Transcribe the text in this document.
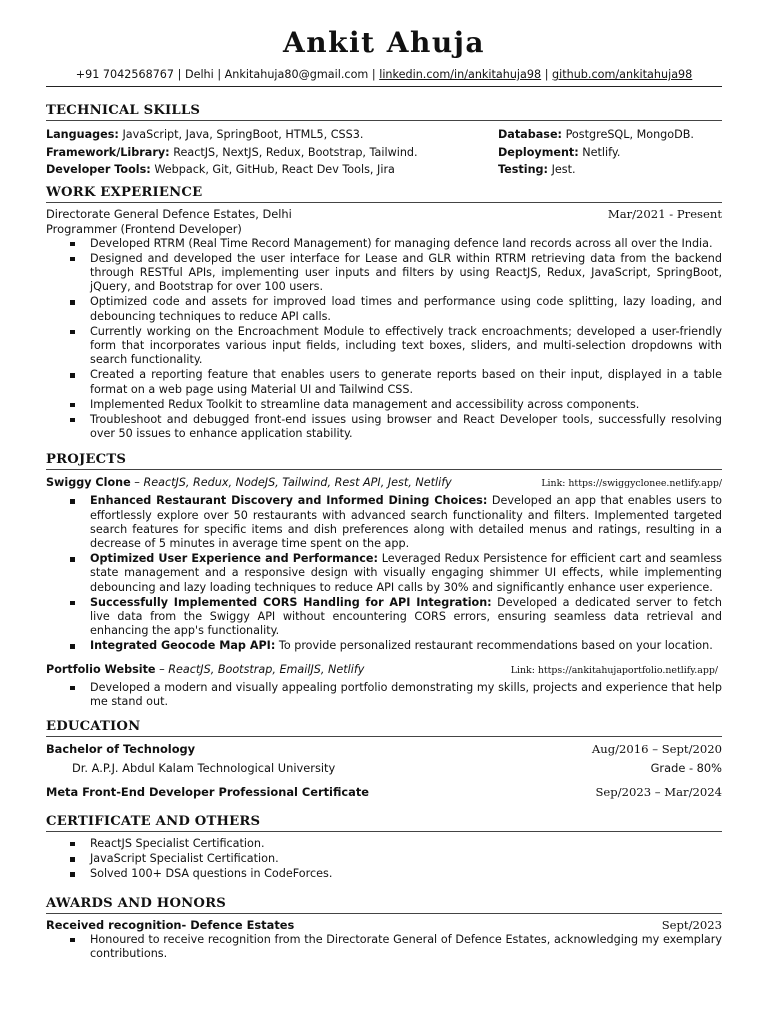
Ankit Ahuja
+91 7042568767 | Delhi | Ankitahuja80@gmail.com | linkedin.com/in/ankitahuja98 | github.com/ankitahuja98
TECHNICAL SKILLS
Languages: JavaScript, Java, SpringBoot, HTML5, CSS3.
Framework/Library: ReactJS, NextJS, Redux, Bootstrap, Tailwind.
Developer Tools: Webpack, Git, GitHub, React Dev Tools, Jira
Database: PostgreSQL, MongoDB.
Deployment: Netlify.
Testing: Jest.
WORK EXPERIENCE
Directorate General Defence Estates, Delhi	Mar/2021 - Present
Programmer (Frontend Developer)
Developed RTRM (Real Time Record Management) for managing defence land records across all over the India.
Designed and developed the user interface for Lease and GLR within RTRM retrieving data from the backend through RESTful APIs, implementing user inputs and filters by using ReactJS, Redux, JavaScript, SpringBoot, jQuery, and Bootstrap for over 100 users.
Optimized code and assets for improved load times and performance using code splitting, lazy loading, and debouncing techniques to reduce API calls.
Currently working on the Encroachment Module to effectively track encroachments; developed a user-friendly form that incorporates various input fields, including text boxes, sliders, and multi-selection dropdowns with search functionality.
Created a reporting feature that enables users to generate reports based on their input, displayed in a table format on a web page using Material UI and Tailwind CSS.
Implemented Redux Toolkit to streamline data management and accessibility across components.
Troubleshoot and debugged front-end issues using browser and React Developer tools, successfully resolving over 50 issues to enhance application stability.
PROJECTS
Swiggy Clone – ReactJS, Redux, NodeJS, Tailwind, Rest API, Jest, Netlify	Link: https://swiggyclonee.netlify.app/
Enhanced Restaurant Discovery and Informed Dining Choices: Developed an app that enables users to effortlessly explore over 50 restaurants with advanced search functionality and filters. Implemented targeted search features for specific items and dish preferences along with detailed menus and ratings, resulting in a decrease of 5 minutes in average time spent on the app.
Optimized User Experience and Performance: Leveraged Redux Persistence for efficient cart and seamless state management and a responsive design with visually engaging shimmer UI effects, while implementing debouncing and lazy loading techniques to reduce API calls by 30% and significantly enhance user experience.
Successfully Implemented CORS Handling for API Integration: Developed a dedicated server to fetch live data from the Swiggy API without encountering CORS errors, ensuring seamless data retrieval and enhancing the app's functionality.
Integrated Geocode Map API: To provide personalized restaurant recommendations based on your location.
Portfolio Website – ReactJS, Bootstrap, EmailJS, Netlify	Link: https://ankitahujaportfolio.netlify.app/
Developed a modern and visually appealing portfolio demonstrating my skills, projects and experience that help me stand out.
EDUCATION
Bachelor of Technology	Aug/2016 – Sept/2020
Dr. A.P.J. Abdul Kalam Technological University	Grade - 80%
Meta Front-End Developer Professional Certificate	Sep/2023 – Mar/2024
CERTIFICATE AND OTHERS
ReactJS Specialist Certification.
JavaScript Specialist Certification.
Solved 100+ DSA questions in CodeForces.
AWARDS AND HONORS
Received recognition- Defence Estates	Sept/2023
Honoured to receive recognition from the Directorate General of Defence Estates, acknowledging my exemplary contributions.
